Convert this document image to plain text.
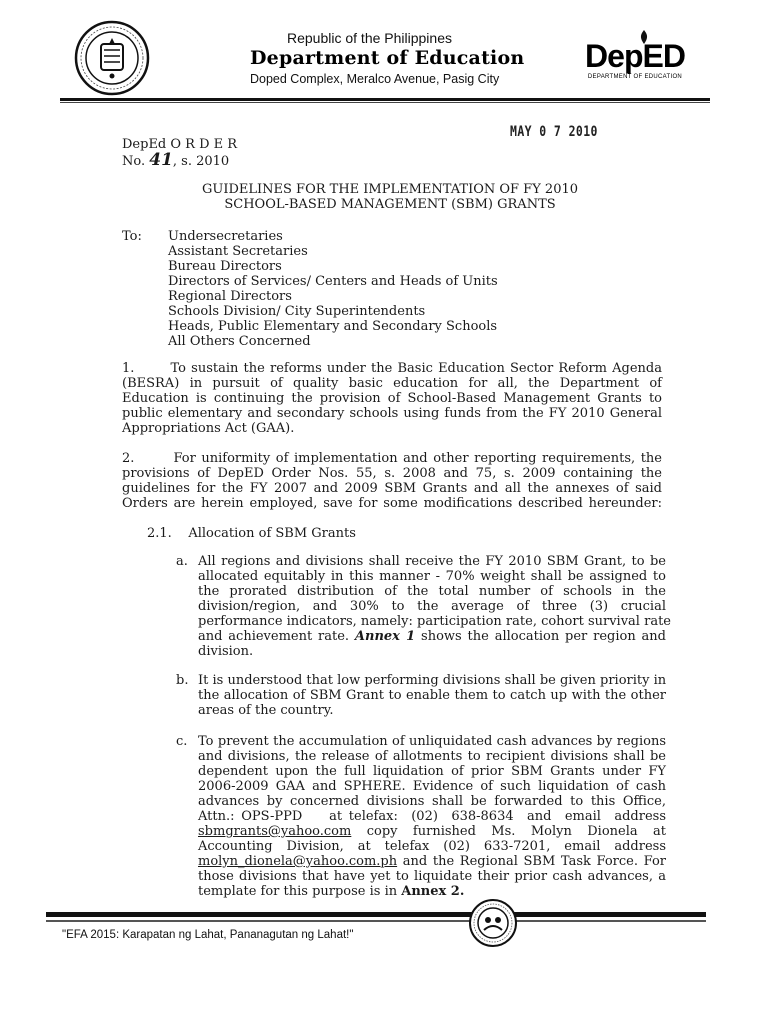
Republic of the Philippines
Department of Education
Doped Complex, Meralco Avenue, Pasig City
DepED
DEPARTMENT OF EDUCATION
MAY 0 7 2010
DepEd O R D E R
No. 41, s. 2010
GUIDELINES FOR THE IMPLEMENTATION OF FY 2010
SCHOOL-BASED MANAGEMENT (SBM) GRANTS
To: Undersecretaries
Assistant Secretaries
Bureau Directors
Directors of Services/ Centers and Heads of Units
Regional Directors
Schools Division/ City Superintendents
Heads, Public Elementary and Secondary Schools
All Others Concerned
1.       To sustain the reforms under the Basic Education Sector Reform Agenda
(BESRA) in pursuit of quality basic education for all, the Department of
Education is continuing the provision of School-Based Management Grants to
public elementary and secondary schools using funds from the FY 2010 General
Appropriations Act (GAA).
2.       For uniformity of implementation and other reporting requirements, the
provisions of DepED Order Nos. 55, s. 2008 and 75, s. 2009 containing the
guidelines for the FY 2007 and 2009 SBM Grants and all the annexes of said
Orders are herein employed, save for some modifications described hereunder:
2.1.    Allocation of SBM Grants
a. All regions and divisions shall receive the FY 2010 SBM Grant, to be
allocated equitably in this manner - 70% weight shall be assigned to
the prorated distribution of the total number of schools in the
division/region, and 30% to the average of three (3) crucial
performance indicators, namely: participation rate, cohort survival rate
and achievement rate. Annex 1 shows the allocation per region and
division.
b. It is understood that low performing divisions shall be given priority in
the allocation of SBM Grant to enable them to catch up with the other
areas of the country.
c. To prevent the accumulation of unliquidated cash advances by regions
and divisions, the release of allotments to recipient divisions shall be
dependent upon the full liquidation of prior SBM Grants under FY
2006-2009 GAA and SPHERE. Evidence of such liquidation of cash
advances by concerned divisions shall be forwarded to this Office,
Attn.: OPS-PPD    at telefax:  (02)  638-8634  and  email  address
sbmgrants@yahoo.com  copy  furnished  Ms.  Molyn  Dionela  at
Accounting  Division,  at  telefax  (02)  633-7201,  email  address
molyn_dionela@yahoo.com.ph and the Regional SBM Task Force. For
those divisions that have yet to liquidate their prior cash advances, a
template for this purpose is in Annex 2.
"EFA 2015: Karapatan ng Lahat, Pananagutan ng Lahat!"
